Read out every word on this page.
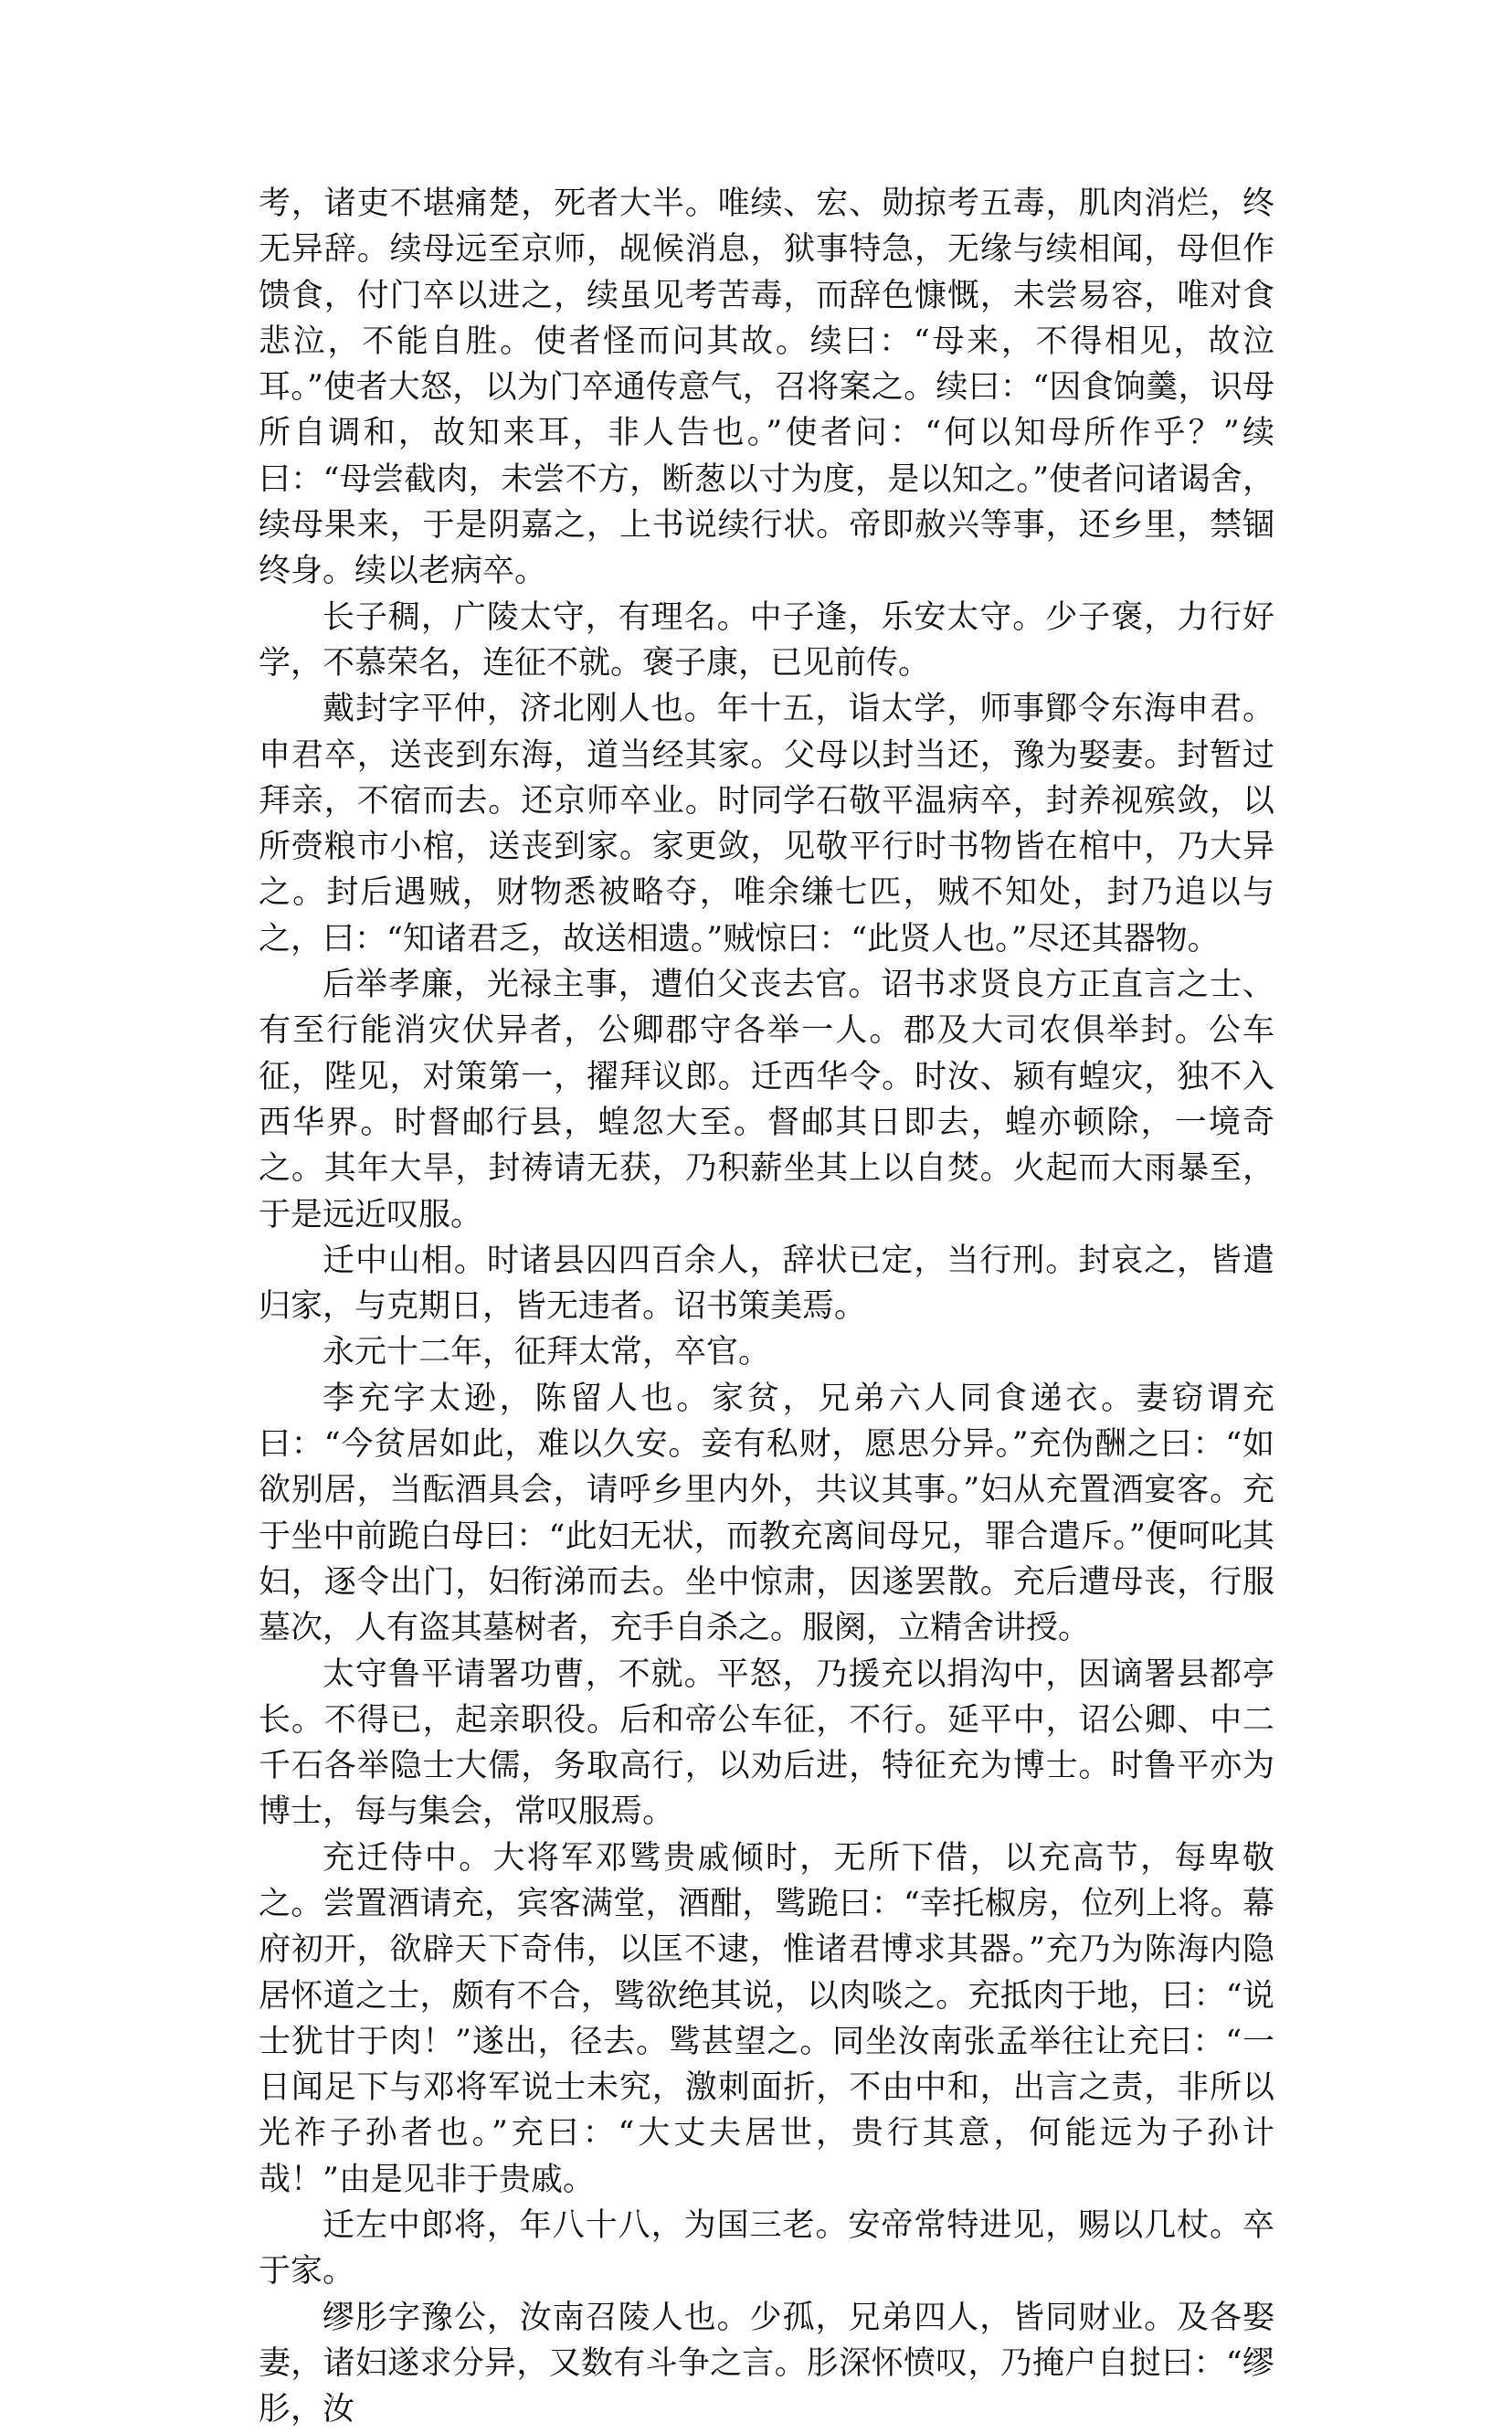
考，诸吏不堪痛楚，死者大半。唯续、宏、勋掠考五毒，肌肉消烂，终无异辞。续母远至京师，觇候消息，狱事特急，无缘与续相闻，母但作馈食，付门卒以进之，续虽见考苦毒，而辞色慷慨，未尝易容，唯对食悲泣，不能自胜。使者怪而问其故。续曰：“母来，不得相见，故泣耳。”使者大怒，以为门卒通传意气，召将案之。续曰：“因食饷羹，识母所自调和，故知来耳，非人告也。”使者问：“何以知母所作乎？”续曰：“母尝截肉，未尝不方，断葱以寸为度，是以知之。”使者问诸谒舍，续母果来，于是阴嘉之，上书说续行状。帝即赦兴等事，还乡里，禁锢终身。续以老病卒。

长子稠，广陵太守，有理名。中子逢，乐安太守。少子褒，力行好学，不慕荣名，连征不就。褒子康，已见前传。

戴封字平仲，济北刚人也。年十五，诣太学，师事鄮令东海申君。申君卒，送丧到东海，道当经其家。父母以封当还，豫为娶妻。封暂过拜亲，不宿而去。还京师卒业。时同学石敬平温病卒，封养视殡敛，以所赍粮市小棺，送丧到家。家更敛，见敬平行时书物皆在棺中，乃大异之。封后遇贼，财物悉被略夺，唯余缣七匹，贼不知处，封乃追以与之，曰：“知诸君乏，故送相遗。”贼惊曰：“此贤人也。”尽还其器物。

后举孝廉，光禄主事，遭伯父丧去官。诏书求贤良方正直言之士、有至行能消灾伏异者，公卿郡守各举一人。郡及大司农俱举封。公车征，陛见，对策第一，擢拜议郎。迁西华令。时汝、颍有蝗灾，独不入西华界。时督邮行县，蝗忽大至。督邮其日即去，蝗亦顿除，一境奇之。其年大旱，封祷请无获，乃积薪坐其上以自焚。火起而大雨暴至，于是远近叹服。

迁中山相。时诸县囚四百余人，辞状已定，当行刑。封哀之，皆遣归家，与克期日，皆无违者。诏书策美焉。

永元十二年，征拜太常，卒官。

李充字太逊，陈留人也。家贫，兄弟六人同食递衣。妻窃谓充曰：“今贫居如此，难以久安。妾有私财，愿思分异。”充伪酬之曰：“如欲别居，当酝酒具会，请呼乡里内外，共议其事。”妇从充置酒宴客。充于坐中前跪白母曰：“此妇无状，而教充离间母兄，罪合遣斥。”便呵叱其妇，逐令出门，妇衔涕而去。坐中惊肃，因遂罢散。充后遭母丧，行服墓次，人有盗其墓树者，充手自杀之。服阕，立精舍讲授。

太守鲁平请署功曹，不就。平怒，乃援充以捐沟中，因谪署县都亭长。不得已，起亲职役。后和帝公车征，不行。延平中，诏公卿、中二千石各举隐士大儒，务取高行，以劝后进，特征充为博士。时鲁平亦为博士，每与集会，常叹服焉。

充迁侍中。大将军邓骘贵戚倾时，无所下借，以充高节，每卑敬之。尝置酒请充，宾客满堂，酒酣，骘跪曰：“幸托椒房，位列上将。幕府初开，欲辟天下奇伟，以匡不逮，惟诸君博求其器。”充乃为陈海内隐居怀道之士，颇有不合，骘欲绝其说，以肉啖之。充抵肉于地，曰：“说士犹甘于肉！”遂出，径去。骘甚望之。同坐汝南张孟举往让充曰：“一日闻足下与邓将军说士未究，激刺面折，不由中和，出言之责，非所以光祚子孙者也。”充曰：“大丈夫居世，贵行其意，何能远为子孙计哉！”由是见非于贵戚。

迁左中郎将，年八十八，为国三老。安帝常特进见，赐以几杖。卒于家。

缪肜字豫公，汝南召陵人也。少孤，兄弟四人，皆同财业。及各娶妻，诸妇遂求分异，又数有斗争之言。肜深怀愤叹，乃掩户自挝曰：“缪肜，汝
